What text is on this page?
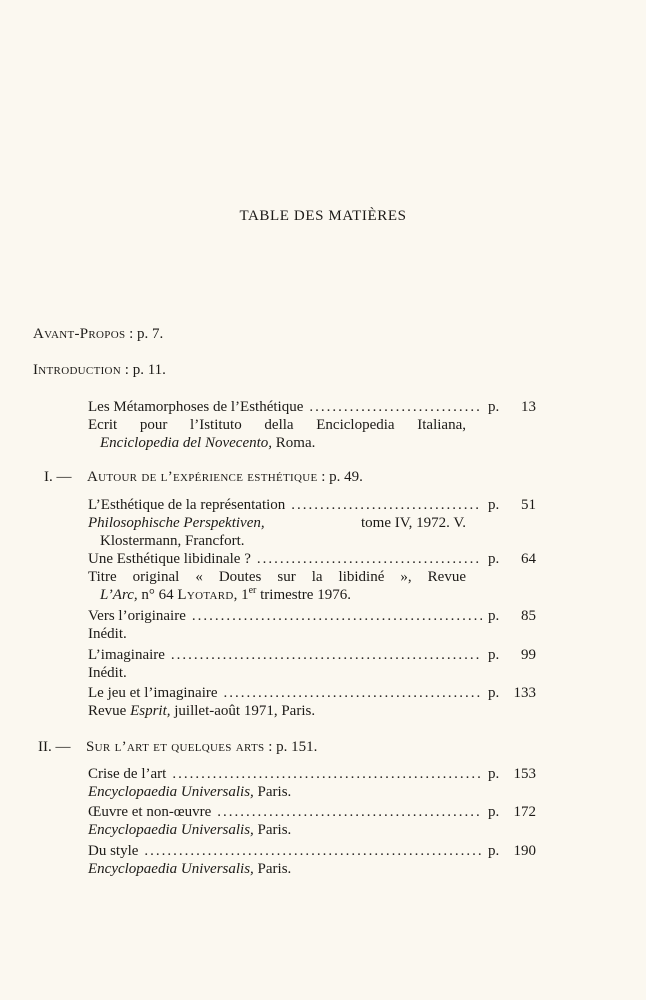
TABLE DES MATIÈRES
Avant-Propos : p. 7.
Introduction : p. 11.
Les Métamorphoses de l’Esthétique .....	p. 13
Ecrit pour l’Istituto della Enciclopedia Italiana,
Enciclopedia del Novecento, Roma.
I. — Autour de l’expérience esthétique : p. 49.
L’Esthétique de la représentation .....	p. 51
Philosophische Perspektiven,	tome IV, 1972. V.
Klostermann, Francfort.
Une Esthétique libidinale ? .....	p. 64
Titre original « Doutes sur la libidiné », Revue
L’Arc, n° 64 Lyotard, 1er trimestre 1976.
Vers l’originaire .....	p. 85
Inédit.
L’imaginaire .....	p. 99
Inédit.
Le jeu et l’imaginaire .....	p. 133
Revue Esprit, juillet-août 1971, Paris.
II. — Sur l’art et quelques arts : p. 151.
Crise de l’art .....	p. 153
Encyclopaedia Universalis, Paris.
Œuvre et non-œuvre .....	p. 172
Encyclopaedia Universalis, Paris.
Du style .....	p. 190
Encyclopaedia Universalis, Paris.
